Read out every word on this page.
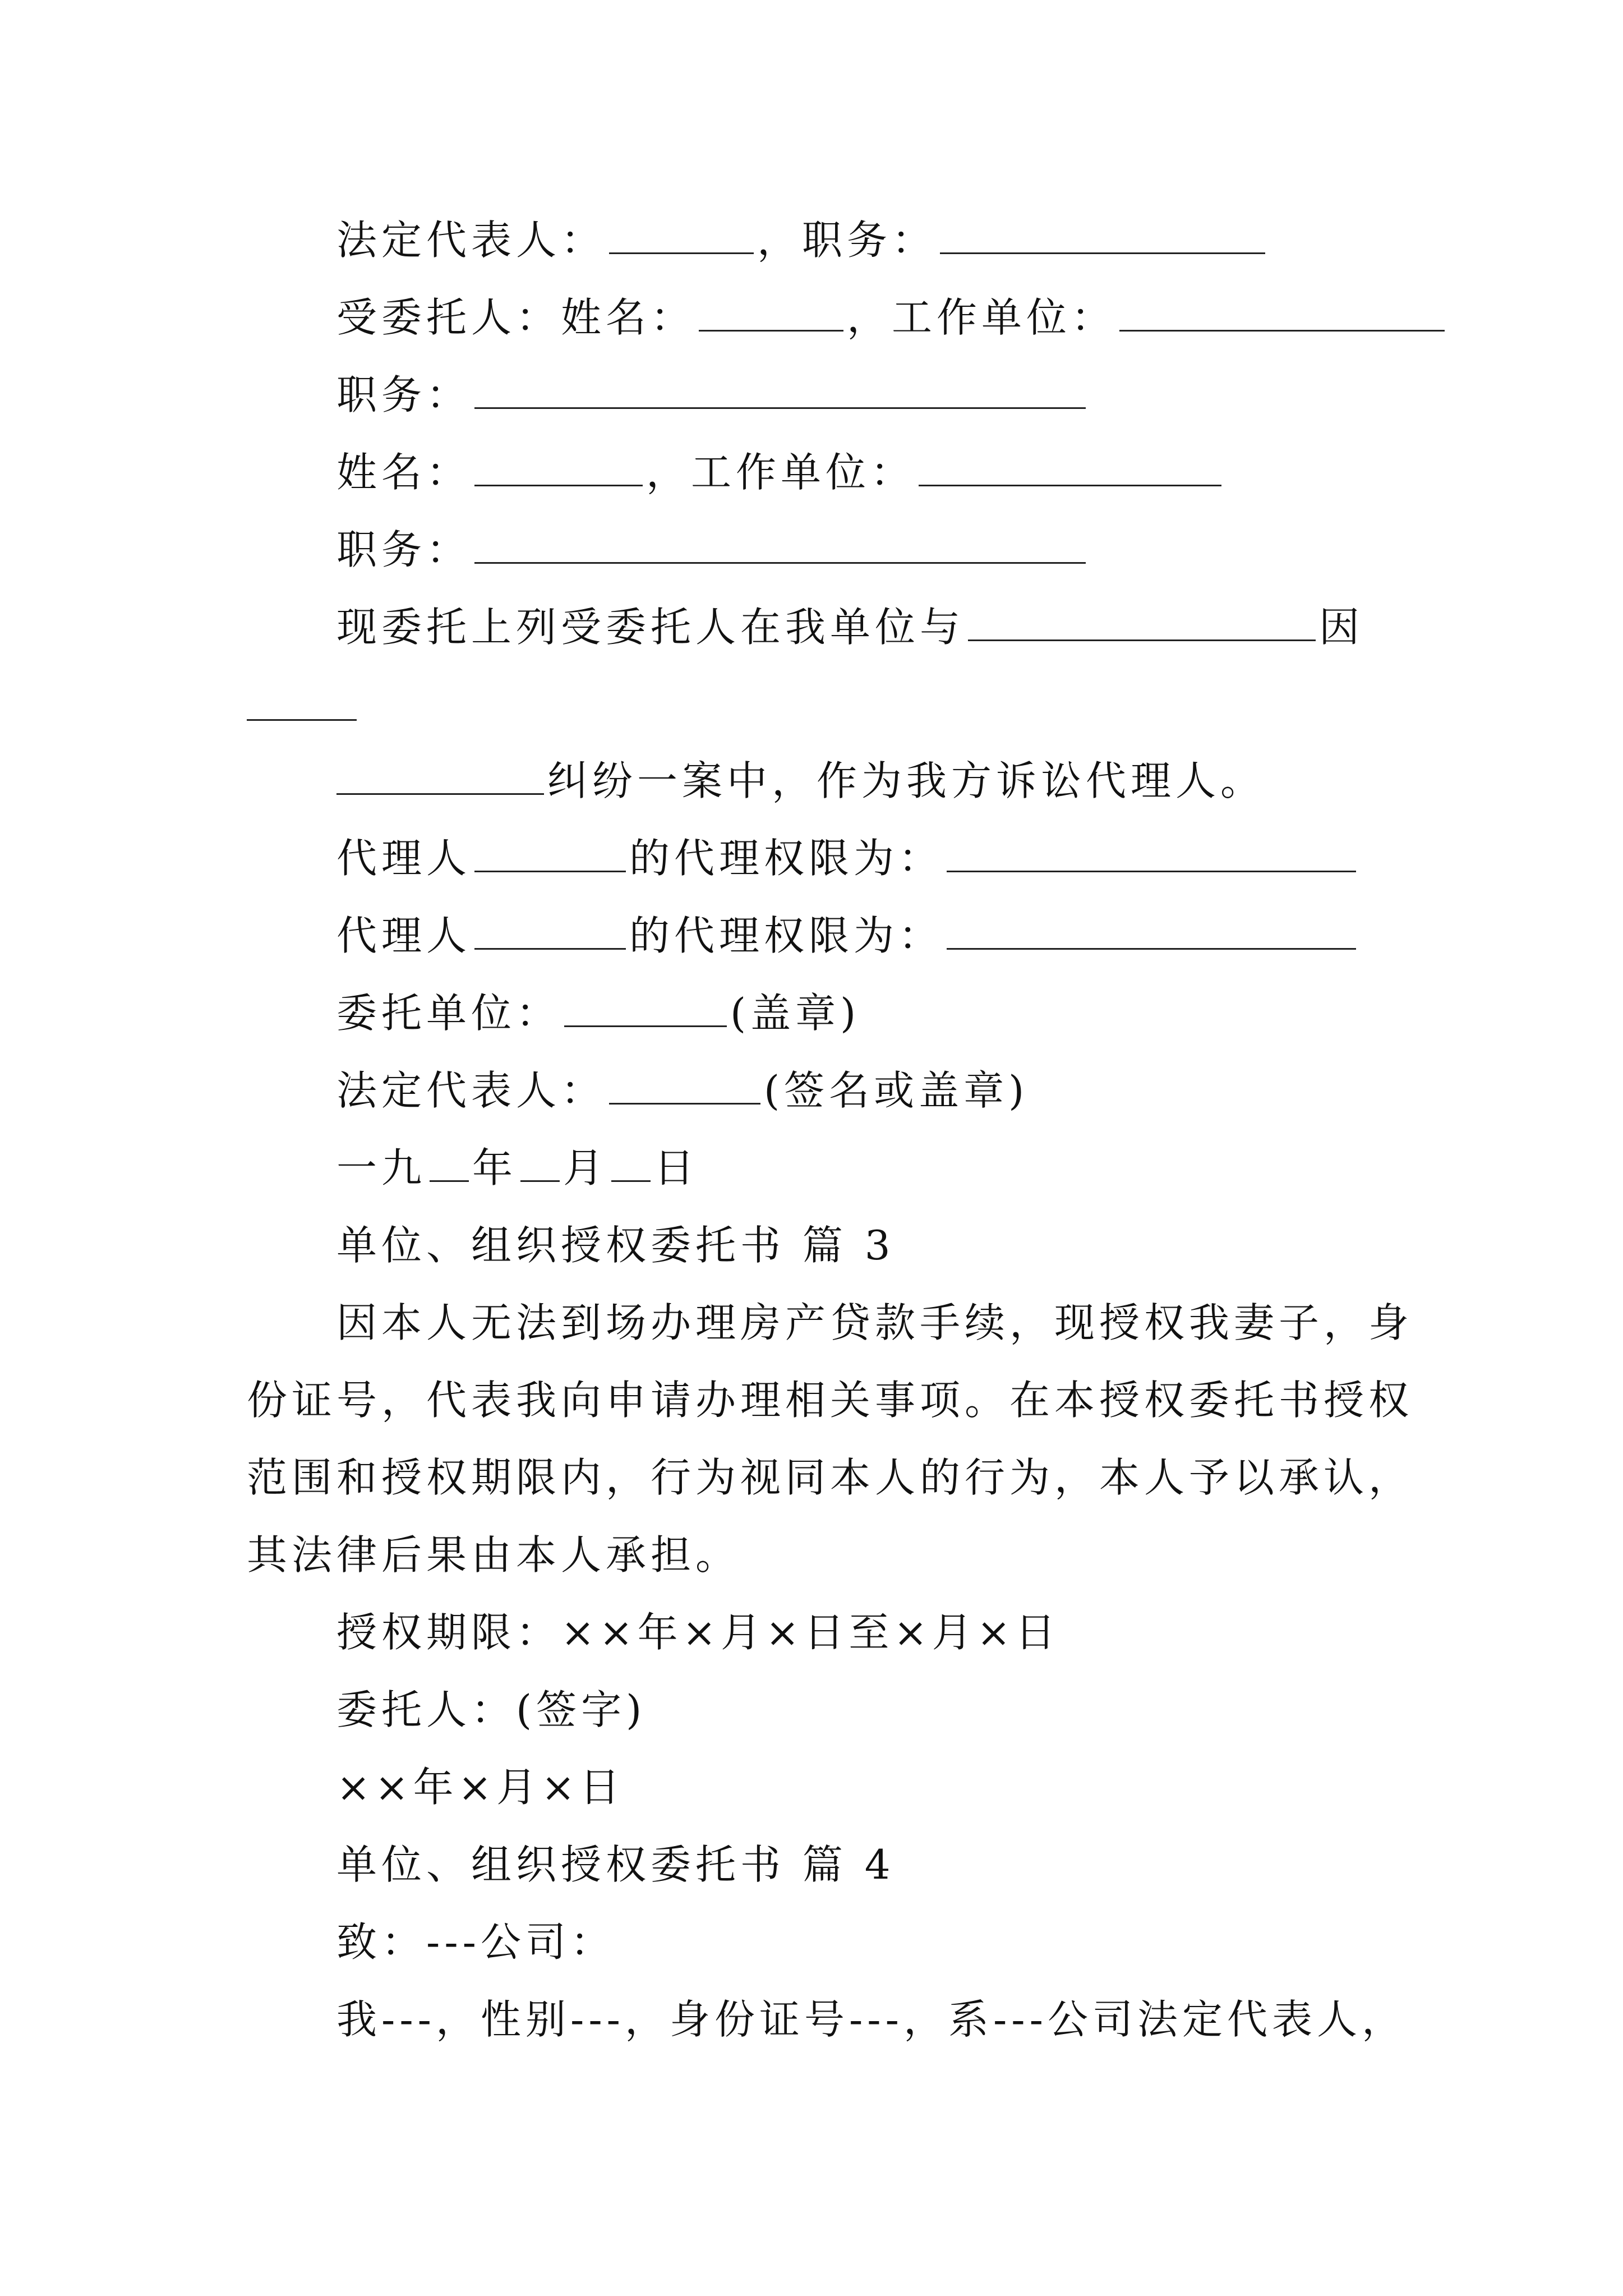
法定代表人：	，职务：
受委托人：姓名：	，工作单位：
职务：
姓名：	，工作单位：
职务：
现委托上列受委托人在我单位与	因
纠纷一案中，作为我方诉讼代理人。
代理人	的代理权限为：
代理人	的代理权限为：
委托单位：	(盖章)
法定代表人：	(签名或盖章)
一九 年 月 日
单位、组织授权委托书 篇 3
因本人无法到场办理房产贷款手续，现授权我妻子，身
份证号，代表我向申请办理相关事项。在本授权委托书授权
范围和授权期限内，行为视同本人的行为，本人予以承认，
其法律后果由本人承担。
授权期限：××年×月×日至×月×日
委托人：(签字)
××年×月×日
单位、组织授权委托书 篇 4
致：---公司：
我---，性别---，身份证号---，系---公司法定代表人，
